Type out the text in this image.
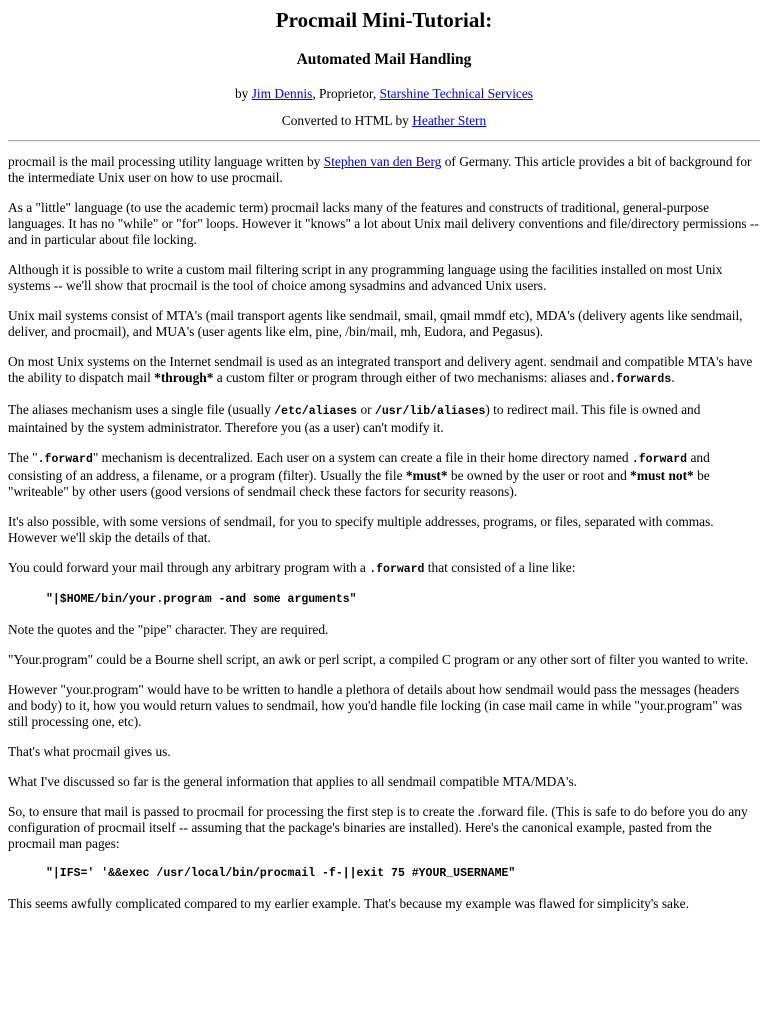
Procmail Mini-Tutorial:
Automated Mail Handling

by Jim Dennis, Proprietor, Starshine Technical Services

Converted to HTML by Heather Stern

procmail is the mail processing utility language written by Stephen van den Berg of Germany. This article provides a bit of background for the intermediate Unix user on how to use procmail.

As a "little" language (to use the academic term) procmail lacks many of the features and constructs of traditional, general-purpose languages. It has no "while" or "for" loops. However it "knows" a lot about Unix mail delivery conventions and file/directory permissions -- and in particular about file locking.

Although it is possible to write a custom mail filtering script in any programming language using the facilities installed on most Unix systems -- we'll show that procmail is the tool of choice among sysadmins and advanced Unix users.

Unix mail systems consist of MTA's (mail transport agents like sendmail, smail, qmail mmdf etc), MDA's (delivery agents like sendmail, deliver, and procmail), and MUA's (user agents like elm, pine, /bin/mail, mh, Eudora, and Pegasus).

On most Unix systems on the Internet sendmail is used as an integrated transport and delivery agent. sendmail and compatible MTA's have the ability to dispatch mail *through* a custom filter or program through either of two mechanisms: aliases and.forwards.

The aliases mechanism uses a single file (usually /etc/aliases or /usr/lib/aliases) to redirect mail. This file is owned and maintained by the system administrator. Therefore you (as a user) can't modify it.

The ".forward" mechanism is decentralized. Each user on a system can create a file in their home directory named .forward and consisting of an address, a filename, or a program (filter). Usually the file *must* be owned by the user or root and *must not* be "writeable" by other users (good versions of sendmail check these factors for security reasons).

It's also possible, with some versions of sendmail, for you to specify multiple addresses, programs, or files, separated with commas. However we'll skip the details of that.

You could forward your mail through any arbitrary program with a .forward that consisted of a line like:

"|$HOME/bin/your.program -and some arguments"

Note the quotes and the "pipe" character. They are required.

"Your.program" could be a Bourne shell script, an awk or perl script, a compiled C program or any other sort of filter you wanted to write.

However "your.program" would have to be written to handle a plethora of details about how sendmail would pass the messages (headers and body) to it, how you would return values to sendmail, how you'd handle file locking (in case mail came in while "your.program" was still processing one, etc).

That's what procmail gives us.

What I've discussed so far is the general information that applies to all sendmail compatible MTA/MDA's.

So, to ensure that mail is passed to procmail for processing the first step is to create the .forward file. (This is safe to do before you do any configuration of procmail itself -- assuming that the package's binaries are installed). Here's the canonical example, pasted from the procmail man pages:

"|IFS=' '&&exec /usr/local/bin/procmail -f-||exit 75 #YOUR_USERNAME"

This seems awfully complicated compared to my earlier example. That's because my example was flawed for simplicity's sake.
